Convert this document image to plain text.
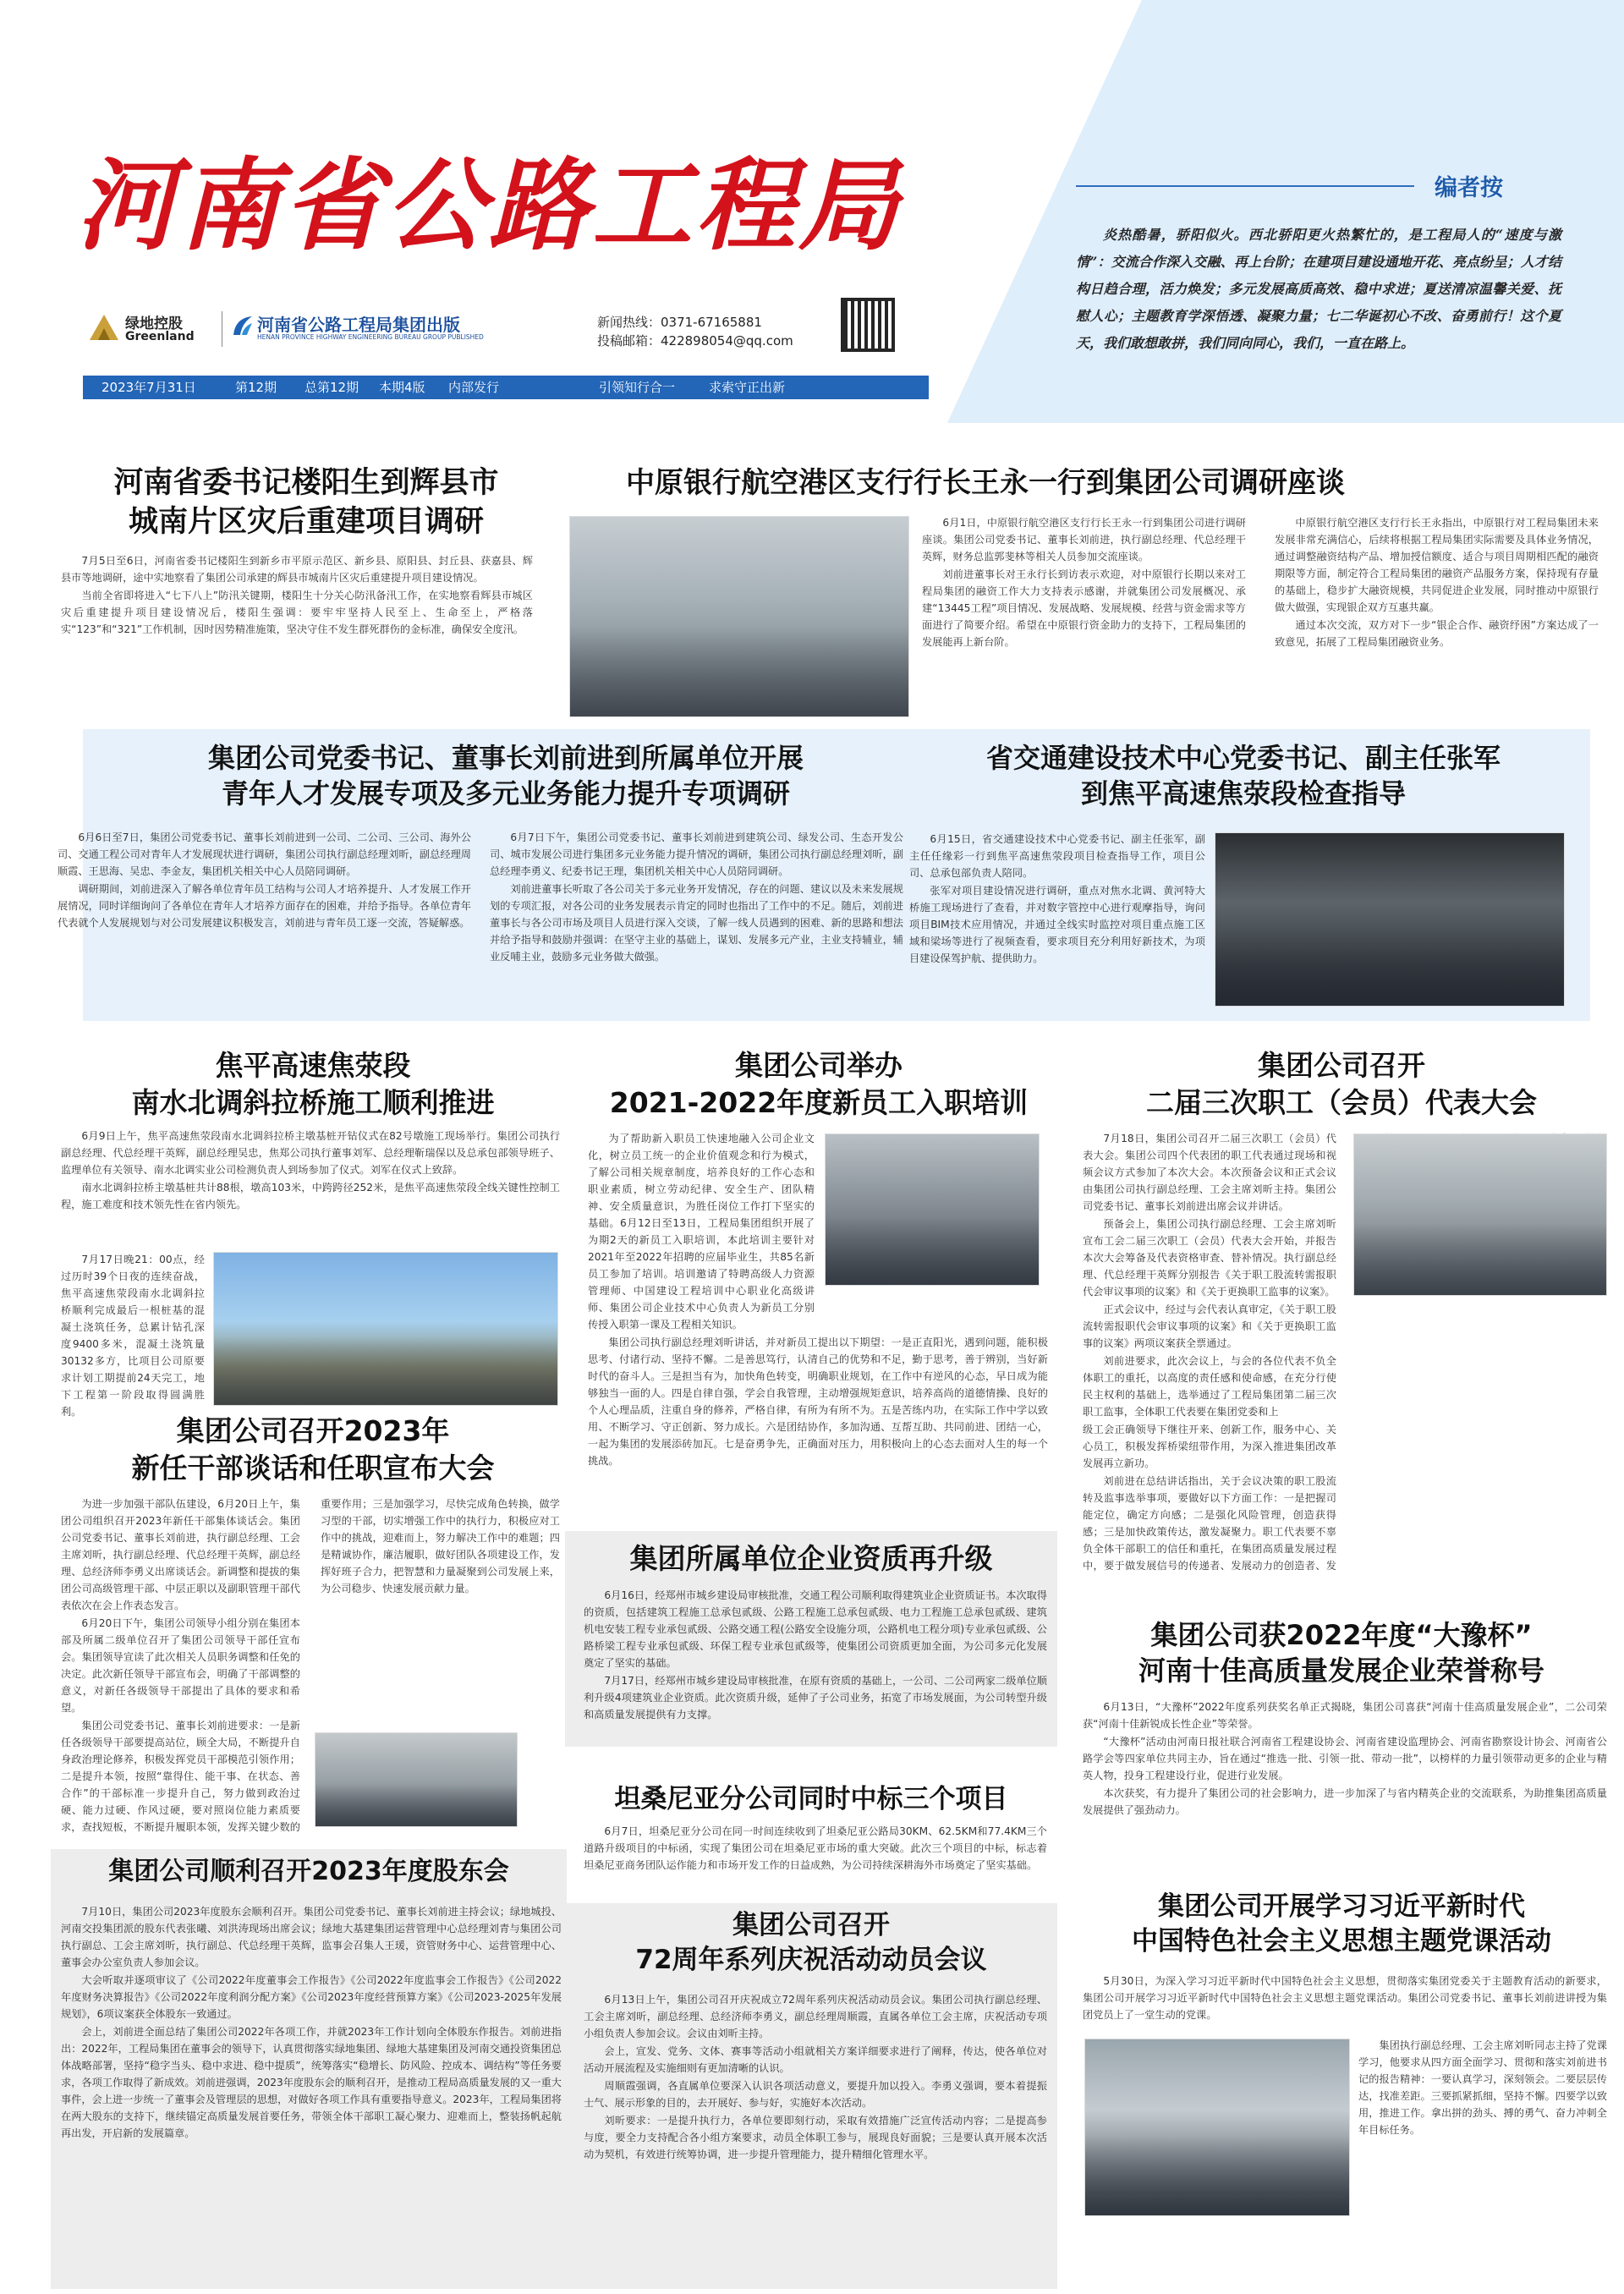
河南省公路工程局
绿地控股
Greenland
河南省公路工程局集团出版
HENAN PROVINCE HIGHWAY ENGINEERING BUREAU GROUP PUBLISHED
新闻热线：0371-67165881
投稿邮箱：422898054@qq.com
2023年7月31日	第12期 总第12期 本期4版 内部发行	引领知行合一	求索守正出新
编者按
炎热酷暑，骄阳似火。西北骄阳更火热繁忙的，是工程局人的“速度与激情”：交流合作深入交融、再上台阶；在建项目建设通地开花、亮点纷呈；人才结构日趋合理，活力焕发；多元发展高质高效、稳中求进；夏送清凉温馨关爱、抚慰人心；主题教育学深悟透、凝聚力量；七二华诞初心不改、奋勇前行！这个夏天，我们敢想敢拼，我们同向同心，我们，一直在路上。
河南省委书记楼阳生到辉县市
城南片区灾后重建项目调研

7月5日至6日，河南省委书记楼阳生到新乡市平原示范区、新乡县、原阳县、封丘县、获嘉县、辉县市等地调研，途中实地察看了集团公司承建的辉县市城南片区灾后重建提升项目建设情况。

当前全省即将进入“七下八上”防汛关键期，楼阳生十分关心防汛备汛工作，在实地察看辉县市城区灾后重建提升项目建设情况后，楼阳生强调：要牢牢坚持人民至上、生命至上，严格落实“123”和“321”工作机制，因时因势精准施策，坚决守住不发生群死群伤的金标准，确保安全度汛。

中原银行航空港区支行行长王永一行到集团公司调研座谈

6月1日，中原银行航空港区支行行长王永一行到集团公司进行调研座谈。集团公司党委书记、董事长刘前进，执行副总经理、代总经理干英辉，财务总监郭斐林等相关人员参加交流座谈。

刘前进董事长对王永行长到访表示欢迎，对中原银行长期以来对工程局集团的融资工作大力支持表示感谢，并就集团公司发展概况、承建“13445工程”项目情况、发展战略、发展规模、经营与资金需求等方面进行了简要介绍。希望在中原银行资金助力的支持下，工程局集团的发展能再上新台阶。

中原银行航空港区支行行长王永指出，中原银行对工程局集团未来发展非常充满信心，后续将根据工程局集团实际需要及具体业务情况，通过调整融资结构产品、增加授信额度、适合与项目周期相匹配的融资期限等方面，制定符合工程局集团的融资产品服务方案，保持现有存量的基础上，稳步扩大融资规模，共同促进企业发展，同时推动中原银行做大做强，实现银企双方互惠共赢。

通过本次交流，双方对下一步“银企合作、融资纾困”方案达成了一致意见，拓展了工程局集团融资业务。

集团公司党委书记、董事长刘前进到所属单位开展
青年人才发展专项及多元业务能力提升专项调研

6月6日至7日，集团公司党委书记、董事长刘前进到一公司、二公司、三公司、海外公司、交通工程公司对青年人才发展现状进行调研，集团公司执行副总经理刘昕，副总经理周顺霞、王思海、吴忠、李金友，集团机关相关中心人员陪同调研。

调研期间，刘前进深入了解各单位青年员工结构与公司人才培养提升、人才发展工作开展情况，同时详细询问了各单位在青年人才培养方面存在的困难，并给予指导。各单位青年代表就个人发展规划与对公司发展建议积极发言，刘前进与青年员工逐一交流，答疑解惑。

6月7日下午，集团公司党委书记、董事长刘前进到建筑公司、绿发公司、生态开发公司、城市发展公司进行集团多元业务能力提升情况的调研，集团公司执行副总经理刘昕，副总经理李勇义、纪委书记王理，集团机关相关中心人员陪同调研。

刘前进董事长听取了各公司关于多元业务开发情况，存在的问题、建议以及未来发展规划的专项汇报，对各公司的业务发展表示肯定的同时也指出了工作中的不足。随后，刘前进董事长与各公司市场及项目人员进行深入交谈，了解一线人员遇到的困难、新的思路和想法并给予指导和鼓励并强调：在坚守主业的基础上，谋划、发展多元产业，主业支持辅业，辅业反哺主业，鼓励多元业务做大做强。

省交通建设技术中心党委书记、副主任张军
到焦平高速焦荥段检查指导

6月15日，省交通建设技术中心党委书记、副主任张军，副主任任缘彩一行到焦平高速焦荥段项目检查指导工作，项目公司、总承包部负责人陪同。

张军对项目建设情况进行调研，重点对焦水北调、黄河特大桥施工现场进行了查看，并对数字管控中心进行观摩指导，询问项目BIM技术应用情况，并通过全线实时监控对项目重点施工区域和梁场等进行了视频查看，要求项目充分利用好新技术，为项目建设保驾护航、提供助力。

焦平高速焦荥段
南水北调斜拉桥施工顺利推进

6月9日上午，焦平高速焦荥段南水北调斜拉桥主墩基桩开钻仪式在82号墩施工现场举行。集团公司执行副总经理、代总经理干英辉，副总经理吴忠，焦郑公司执行董事刘军、总经理靳瑞保以及总承包部领导班子、监理单位有关领导、南水北调实业公司检测负责人到场参加了仪式。刘军在仪式上致辞。

南水北调斜拉桥主墩基桩共计88根，墩高103米，中跨跨径252米，是焦平高速焦荥段全线关键性控制工程，施工难度和技术领先性在省内领先。

7月17日晚21：00点，经过历时39个日夜的连续奋战，焦平高速焦荥段南水北调斜拉桥顺利完成最后一根桩基的混凝土浇筑任务，总累计钻孔深度9400多米，混凝土浇筑量30132多方，比项目公司原要求计划工期提前24天完工，地下工程第一阶段取得圆满胜利。

集团公司召开2023年
新任干部谈话和任职宣布大会

为进一步加强干部队伍建设，6月20日上午，集团公司组织召开2023年新任干部集体谈话会。集团公司党委书记、董事长刘前进，执行副总经理、工会主席刘昕，执行副总经理、代总经理干英辉，副总经理、总经济师李勇义出席谈话会。新调整和提拔的集团公司高级管理干部、中层正职以及副职管理干部代表依次在会上作表态发言。

6月20日下午，集团公司领导小组分别在集团本部及所属二级单位召开了集团公司领导干部任宣布会。集团领导宣读了此次相关人员职务调整和任免的决定。此次新任领导干部宣布会，明确了干部调整的意义，对新任各级领导干部提出了具体的要求和希望。

集团公司党委书记、董事长刘前进要求：一是新任各级领导干部要提高站位，顾全大局，不断提升自身政治理论修养，积极发挥党员干部模范引领作用；二是提升本领，按照“靠得住、能干事、在状态、善合作”的干部标准一步提升自己，努力做到政治过硬、能力过硬、作风过硬，要对照岗位能力素质要求，查找短板，不断提升履职本领，发挥关键少数的重要作用；三是加强学习，尽快完成角色转换，做学习型的干部，切实增强工作中的执行力，积极应对工作中的挑战，迎难而上，努力解决工作中的难题；四是精诚协作，廉洁履职，做好团队各项建设工作，发挥好班子合力，把智慧和力量凝聚到公司发展上来，为公司稳步、快速发展贡献力量。

集团公司顺利召开2023年度股东会

7月10日，集团公司2023年度股东会顺利召开。集团公司党委书记、董事长刘前进主持会议；绿地城投、河南交投集团派的股东代表张曦、刘洪涛现场出席会议；绿地大基建集团运营管理中心总经理刘青与集团公司执行副总、工会主席刘昕，执行副总、代总经理干英辉，监事会召集人王瑗，资管财务中心、运营管理中心、董事会办公室负责人参加会议。

大会听取并逐项审议了《公司2022年度董事会工作报告》《公司2022年度监事会工作报告》《公司2022年度财务决算报告》《公司2022年度利润分配方案》《公司2023年度经营预算方案》《公司2023-2025年发展规划》，6项议案获全体股东一致通过。

会上，刘前进全面总结了集团公司2022年各项工作，并就2023年工作计划向全体股东作报告。刘前进指出：2022年，工程局集团在董事会的领导下，认真贯彻落实绿地集团、绿地大基建集团及河南交通投资集团总体战略部署，坚持“稳字当头、稳中求进、稳中提质”，统筹落实“稳增长、防风险、控成本、调结构”等任务要求，各项工作取得了新成效。刘前进强调，2023年度股东会的顺利召开，是推动工程局高质量发展的又一重大事件，会上进一步统一了董事会及管理层的思想，对做好各项工作具有重要指导意义。2023年，工程局集团将在两大股东的支持下，继续锚定高质量发展首要任务，带领全体干部职工凝心聚力、迎难而上，整装扬帆起航再出发，开启新的发展篇章。

集团公司举办
2021-2022年度新员工入职培训

为了帮助新入职员工快速地融入公司企业文化，树立员工统一的企业价值观念和行为模式，了解公司相关规章制度，培养良好的工作心态和职业素质，树立劳动纪律、安全生产、团队精神、安全质量意识，为胜任岗位工作打下坚实的基础。6月12日至13日，工程局集团组织开展了为期2天的新员工入职培训，本此培训主要针对2021年至2022年招聘的应届毕业生，共85名新员工参加了培训。培训邀请了特聘高级人力资源管理师、中国建设工程培训中心职业化高级讲师、集团公司企业技术中心负责人为新员工分别传授入职第一课及工程相关知识。

集团公司执行副总经理刘昕讲话，并对新员工提出以下期望：一是正直阳光，遇到问题，能积极思考、付诸行动、坚持不懈。二是善思笃行，认清自己的优势和不足，勤于思考，善于辨别，当好新时代的奋斗人。三是担当有为，加快角色转变，明确职业规划，在工作中有逆风的心态，早日成为能够独当一面的人。四是自律自强，学会自我管理，主动增强规矩意识，培养高尚的道德情操、良好的个人心理品质，注重自身的修养，严格自律，有所为有所不为。五是苦练内功，在实际工作中学以致用、不断学习、守正创新、努力成长。六是团结协作，多加沟通、互帮互助、共同前进、团结一心，一起为集团的发展添砖加瓦。七是奋勇争先，正确面对压力，用积极向上的心态去面对人生的每一个挑战。

集团所属单位企业资质再升级

6月16日，经郑州市城乡建设局审核批准，交通工程公司顺利取得建筑业企业资质证书。本次取得的资质，包括建筑工程施工总承包贰级、公路工程施工总承包贰级、电力工程施工总承包贰级、建筑机电安装工程专业承包贰级、公路交通工程(公路安全设施分项，公路机电工程分项)专业承包贰级、公路桥梁工程专业承包贰级、环保工程专业承包贰级等，使集团公司资质更加全面，为公司多元化发展奠定了坚实的基础。

7月17日，经郑州市城乡建设局审核批准，在原有资质的基础上，一公司、二公司两家二级单位顺利升级4项建筑业企业资质。此次资质升级，延伸了子公司业务，拓宽了市场发展面，为公司转型升级和高质量发展提供有力支撑。

坦桑尼亚分公司同时中标三个项目

6月7日，坦桑尼亚分公司在同一时间连续收到了坦桑尼亚公路局30KM、62.5KM和77.4KM三个道路升级项目的中标函，实现了集团公司在坦桑尼亚市场的重大突破。此次三个项目的中标，标志着坦桑尼亚商务团队运作能力和市场开发工作的日益成熟，为公司持续深耕海外市场奠定了坚实基础。

集团公司召开
72周年系列庆祝活动动员会议

6月13日上午，集团公司召开庆祝成立72周年系列庆祝活动动员会议。集团公司执行副总经理、工会主席刘昕，副总经理、总经济师李勇义，副总经理周顺霞，直属各单位工会主席，庆祝活动专项小组负责人参加会议。会议由刘昕主持。

会上，宣发、党务、文体、赛事等活动小组就相关方案详细要求进行了阐释，传达，使各单位对活动开展流程及实施细则有更加清晰的认识。

周顺霞强调，各直属单位要深入认识各项活动意义，要提升加以投入。李勇义强调，要本着提振士气、展示形象的目的，去开展好、参与好，实施好本次活动。

刘昕要求：一是提升执行力，各单位要即刻行动，采取有效措施广泛宣传活动内容；二是提高参与度，要全力支持配合各小组方案要求，动员全体职工参与，展现良好面貌；三是要认真开展本次活动为契机，有效进行统筹协调，进一步提升管理能力，提升精细化管理水平。

集团公司召开
二届三次职工（会员）代表大会

7月18日，集团公司召开二届三次职工（会员）代表大会。集团公司四个代表团的职工代表通过现场和视频会议方式参加了本次大会。本次预备会议和正式会议由集团公司执行副总经理、工会主席刘昕主持。集团公司党委书记、董事长刘前进出席会议并讲话。

预备会上，集团公司执行副总经理、工会主席刘昕宣布工会二届三次职工（会员）代表大会开始，并报告本次大会筹备及代表资格审查、替补情况。执行副总经理、代总经理干英辉分别报告《关于职工股流转需报职代会审议事项的议案》和《关于更换职工监事的议案》。

正式会议中，经过与会代表认真审定，《关于职工股流转需报职代会审议事项的议案》和《关于更换职工监事的议案》两项议案获全票通过。

刘前进要求，此次会议上，与会的各位代表不负全体职工的重托，以高度的责任感和使命感，在充分行使民主权利的基础上，选举通过了工程局集团第二届三次职工监事，全体职工代表要在集团党委和上

级工会正确领导下继往开来、创新工作，服务中心、关心员工，积极发挥桥梁纽带作用，为深入推进集团改革发展再立新功。

刘前进在总结讲话指出，关于会议决策的职工股流转及监事选举事项，要做好以下方面工作：一是把握司能定位，确定方向感；二是强化风险管理，创造获得感；三是加快政策传达，激发凝聚力。职工代表要不辜负全体干部职工的信任和重托，在集团高质量发展过程中，要于做发展信号的传递者、发展动力的创造者、发

集团公司获2022年度“大豫杯”
河南十佳高质量发展企业荣誉称号

6月13日，“大豫杯”2022年度系列获奖名单正式揭晓，集团公司喜获“河南十佳高质量发展企业”，二公司荣获“河南十佳新锐成长性企业”等荣誉。

“大豫杯”活动由河南日报社联合河南省工程建设协会、河南省建设监理协会、河南省勘察设计协会、河南省公路学会等四家单位共同主办，旨在通过“推选一批、引领一批、带动一批”，以榜样的力量引领带动更多的企业与精英人物，投身工程建设行业，促进行业发展。

本次获奖，有力提升了集团公司的社会影响力，进一步加深了与省内精英企业的交流联系，为助推集团高质量发展提供了强劲动力。

集团公司开展学习习近平新时代
中国特色社会主义思想主题党课活动

5月30日，为深入学习习近平新时代中国特色社会主义思想，贯彻落实集团党委关于主题教育活动的新要求，集团公司开展学习习近平新时代中国特色社会主义思想主题党课活动。集团公司党委书记、董事长刘前进讲授为集团党员上了一堂生动的党课。

集团执行副总经理、工会主席刘昕同志主持了党课学习，他要求从四方面全面学习、贯彻和落实刘前进书记的报告精神：一要认真学习，深刻领会。二要层层传达，找准差距。三要抓紧抓细，坚持不懈。四要学以致用，推进工作。拿出拼的劲头、搏的勇气、奋力冲刺全年目标任务。
